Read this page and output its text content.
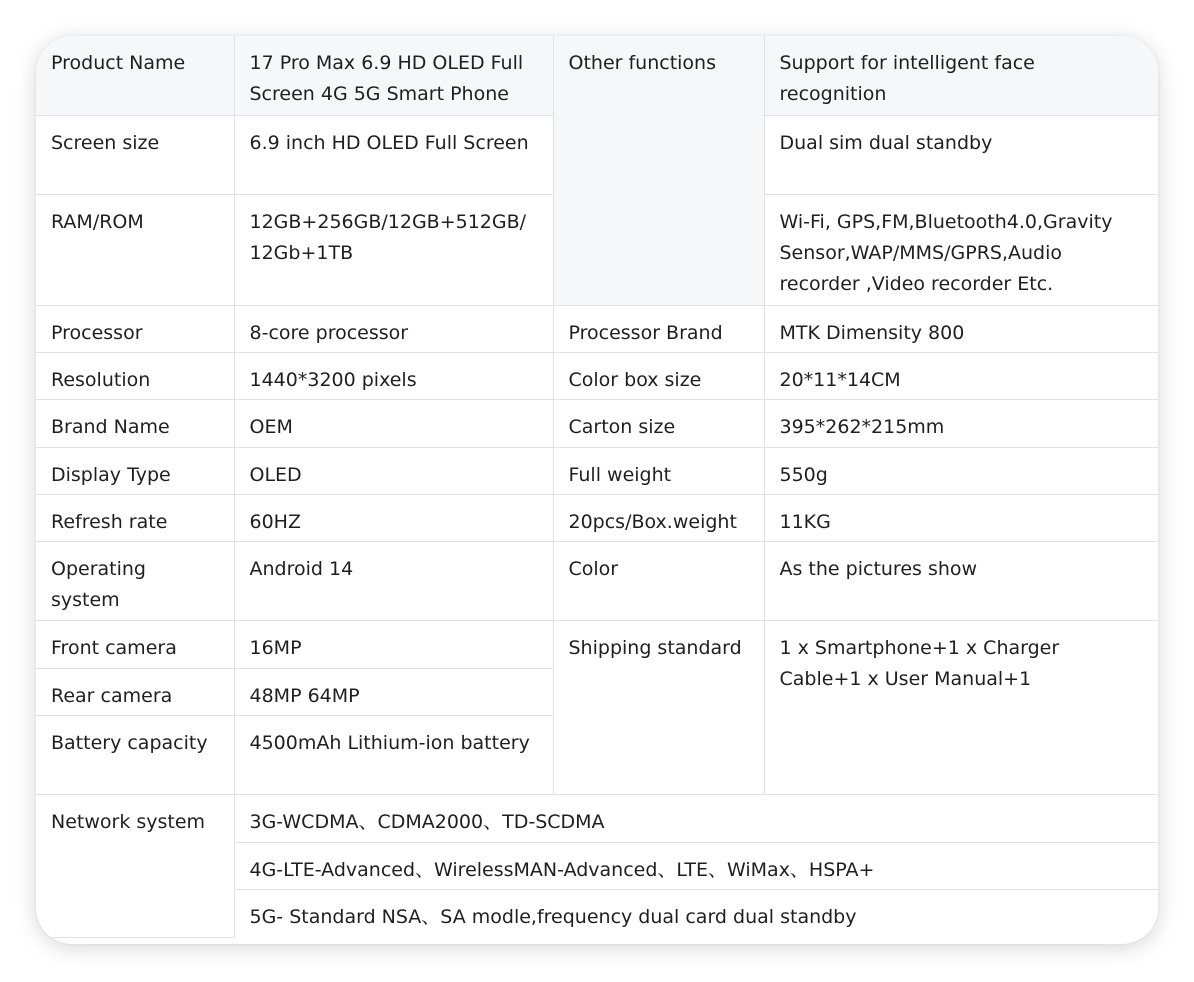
Product Name	17 Pro Max 6.9 HD OLED Full Screen 4G 5G Smart Phone	Other functions	Support for intelligent face recognition
Screen size	6.9 inch HD OLED Full Screen		Dual sim dual standby
RAM/ROM	12GB+256GB/12GB+512GB/ 12Gb+1TB		Wi-Fi, GPS,FM,Bluetooth4.0,Gravity Sensor,WAP/MMS/GPRS,Audio recorder ,Video recorder Etc.
Processor	8-core processor	Processor Brand	MTK Dimensity 800
Resolution	1440*3200 pixels	Color box size	20*11*14CM
Brand Name	OEM	Carton size	395*262*215mm
Display Type	OLED	Full weight	550g
Refresh rate	60HZ	20pcs/Box.weight	11KG
Operating system	Android 14	Color	As the pictures show
Front camera	16MP	Shipping standard	1 x Smartphone+1 x Charger Cable+1 x User Manual+1
Rear camera	48MP 64MP		
Battery capacity	4500mAh Lithium-ion battery		
Network system	3G-WCDMA、CDMA2000、TD-SCDMA		
	4G-LTE-Advanced、WirelessMAN-Advanced、LTE、WiMax、HSPA+		
	5G- Standard NSA、SA modle,frequency dual card dual standby		
